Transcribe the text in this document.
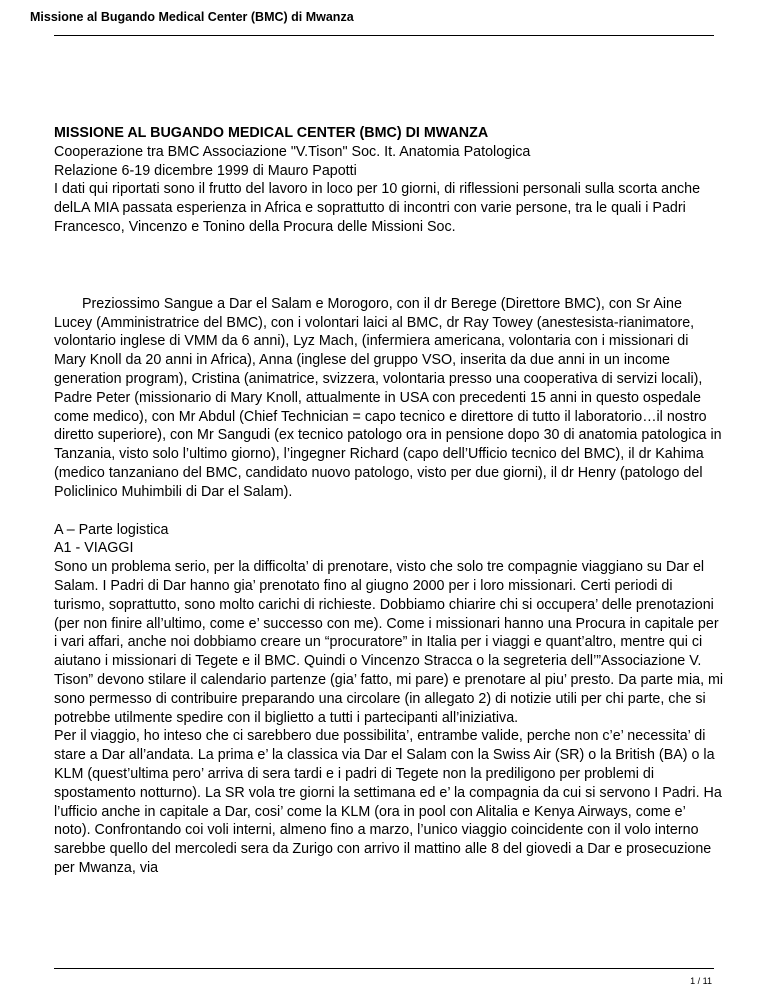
Missione al Bugando Medical Center (BMC) di Mwanza

MISSIONE AL BUGANDO MEDICAL CENTER (BMC) DI MWANZA

Cooperazione tra BMC Associazione "V.Tison" Soc. It. Anatomia Patologica

Relazione 6-19 dicembre 1999 di Mauro Papotti

I dati qui riportati sono il frutto del lavoro in loco per 10 giorni, di riflessioni personali sulla scorta anche delLA MIA passata esperienza in Africa e soprattutto di incontri con varie persone, tra le quali i Padri Francesco, Vincenzo e Tonino della Procura delle Missioni Soc.

Preziossimo Sangue a Dar el Salam e Morogoro, con il dr Berege (Direttore BMC), con Sr Aine Lucey (Amministratrice del BMC), con i volontari laici al BMC, dr Ray Towey (anestesista-rianimatore, volontario inglese di VMM da 6 anni), Lyz Mach, (infermiera americana, volontaria con i missionari di Mary Knoll da 20 anni in Africa), Anna (inglese del gruppo VSO, inserita da due anni in un income generation program), Cristina (animatrice, svizzera, volontaria presso una cooperativa di servizi locali), Padre Peter (missionario di Mary Knoll, attualmente in USA con precedenti 15 anni in questo ospedale come medico), con Mr Abdul (Chief Technician = capo tecnico e direttore di tutto il laboratorio…il nostro diretto superiore), con Mr Sangudi (ex tecnico patologo ora in pensione dopo 30 di anatomia patologica in Tanzania, visto solo l’ultimo giorno), l’ingegner Richard (capo dell’Ufficio tecnico del BMC), il dr Kahima (medico tanzaniano del BMC, candidato nuovo patologo, visto per due giorni), il dr Henry (patologo del Policlinico Muhimbili di Dar el Salam).

A – Parte logistica

A1 - VIAGGI

Sono un problema serio, per la difficolta’ di prenotare, visto che solo tre compagnie viaggiano su Dar el Salam. I Padri di Dar hanno gia’ prenotato fino al giugno 2000 per i loro missionari. Certi periodi di turismo, soprattutto, sono molto carichi di richieste. Dobbiamo chiarire chi si occupera’ delle prenotazioni (per non finire all’ultimo, come e’ successo con me). Come i missionari hanno una Procura in capitale per i vari affari, anche noi dobbiamo creare un “procuratore” in Italia per i viaggi e quant’altro, mentre qui ci aiutano i missionari di Tegete e il BMC. Quindi o Vincenzo Stracca o la segreteria dell’”Associazione V. Tison” devono stilare il calendario partenze (gia’ fatto, mi pare) e prenotare al piu’ presto. Da parte mia, mi sono permesso di contribuire preparando una circolare (in allegato 2) di notizie utili per chi parte, che si potrebbe utilmente spedire con il biglietto a tutti i partecipanti all’iniziativa.

Per il viaggio, ho inteso che ci sarebbero due possibilita’, entrambe valide, perche non c’e’ necessita’ di stare a Dar all’andata. La prima e’ la classica via Dar el Salam con la Swiss Air (SR) o la British (BA) o la KLM (quest’ultima pero’ arriva di sera tardi e i padri di Tegete non la prediligono per problemi di spostamento notturno). La SR vola tre giorni la settimana ed e’ la compagnia da cui si servono I Padri. Ha l’ufficio anche in capitale a Dar, cosi’ come la KLM (ora in pool con Alitalia e Kenya Airways, come e’ noto). Confrontando coi voli interni, almeno fino a marzo, l’unico viaggio coincidente con il volo interno sarebbe quello del mercoledi sera da Zurigo con arrivo il mattino alle 8 del giovedi a Dar e prosecuzione per Mwanza, via

1 / 11
